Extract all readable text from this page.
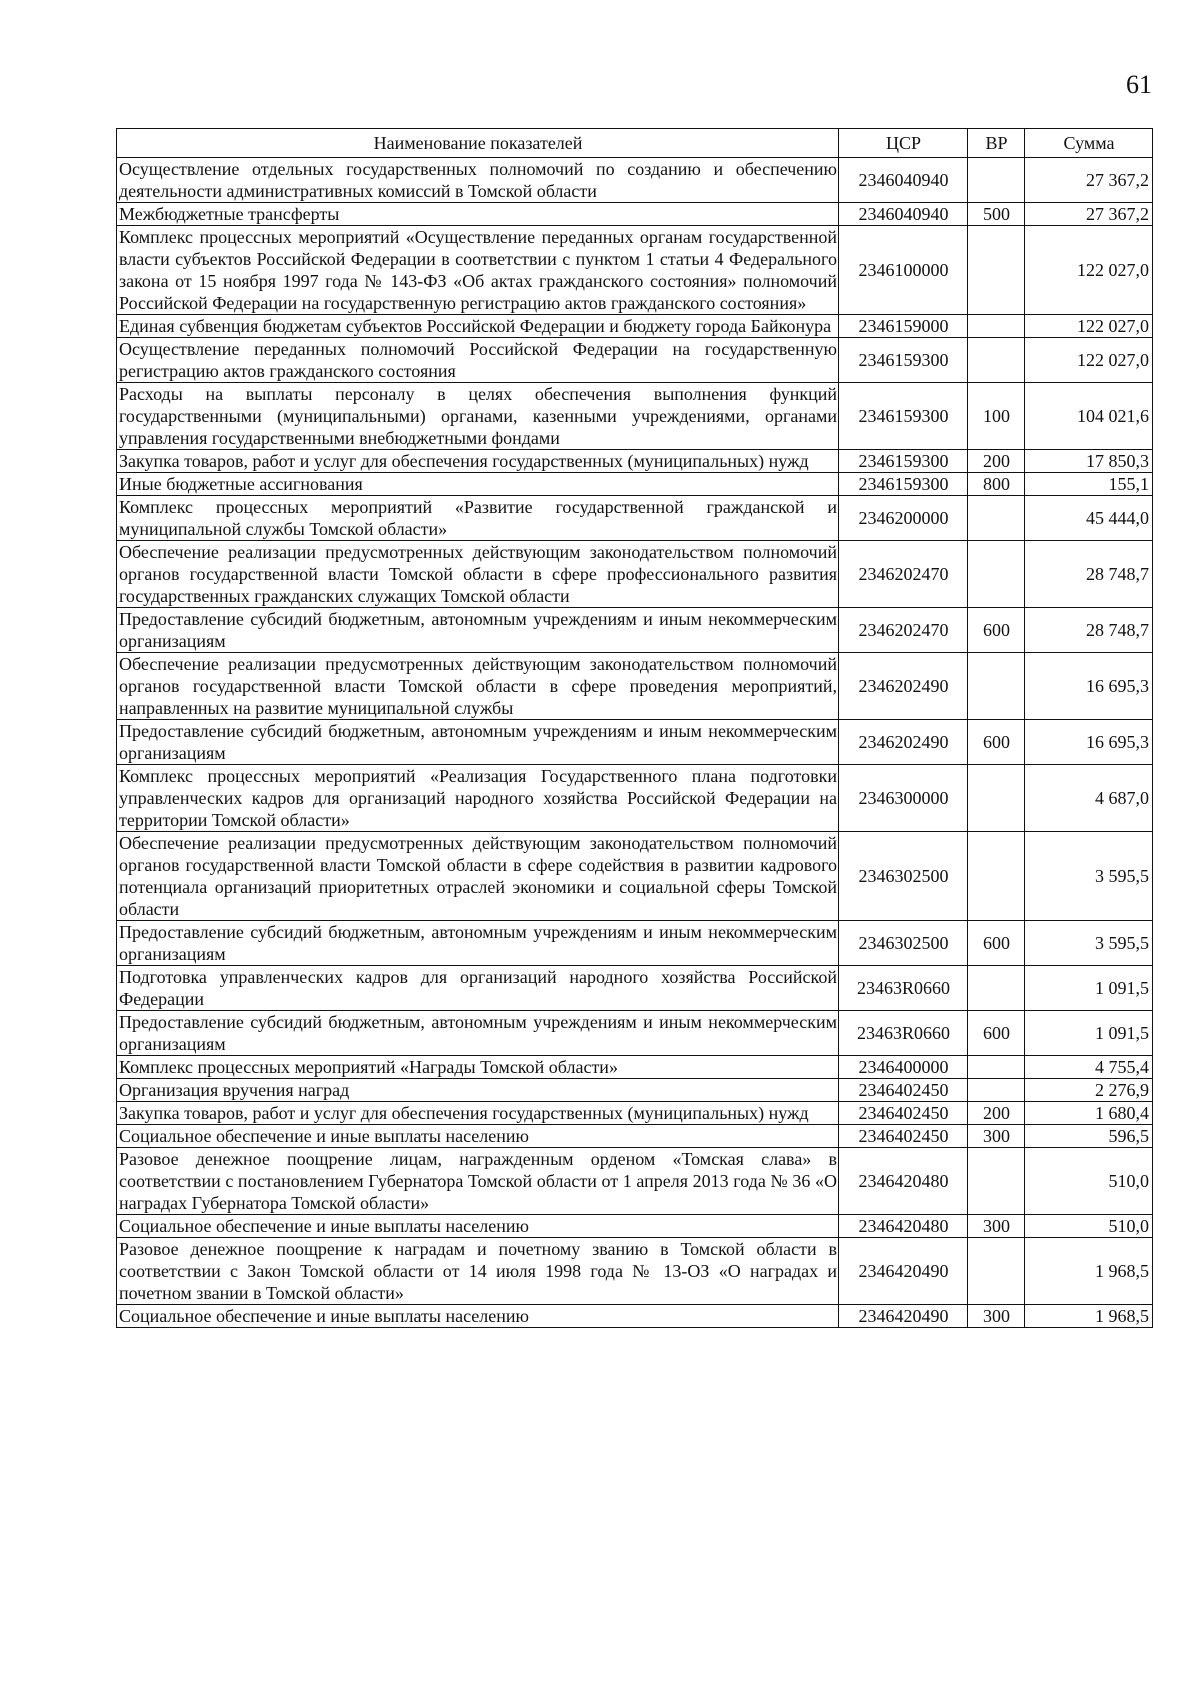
61
Наименование показателей	ЦСР	ВР	Сумма
Осуществление отдельных государственных полномочий по созданию и обеспечению деятельности административных комиссий в Томской области	2346040940		27 367,2
Межбюджетные трансферты	2346040940	500	27 367,2
Комплекс процессных мероприятий «Осуществление переданных органам государственной власти субъектов Российской Федерации в соответствии с пунктом 1 статьи 4 Федерального закона от 15 ноября 1997 года № 143-ФЗ «Об актах гражданского состояния» полномочий Российской Федерации на государственную регистрацию актов гражданского состояния»	2346100000		122 027,0
Единая субвенция бюджетам субъектов Российской Федерации и бюджету города Байконура	2346159000		122 027,0
Осуществление переданных полномочий Российской Федерации на государственную регистрацию актов гражданского состояния	2346159300		122 027,0
Расходы на выплаты персоналу в целях обеспечения выполнения функций государственными (муниципальными) органами, казенными учреждениями, органами управления государственными внебюджетными фондами	2346159300	100	104 021,6
Закупка товаров, работ и услуг для обеспечения государственных (муниципальных) нужд	2346159300	200	17 850,3
Иные бюджетные ассигнования	2346159300	800	155,1
Комплекс процессных мероприятий «Развитие государственной гражданской и муниципальной службы Томской области»	2346200000		45 444,0
Обеспечение реализации предусмотренных действующим законодательством полномочий органов государственной власти Томской области в сфере профессионального развития государственных гражданских служащих Томской области	2346202470		28 748,7
Предоставление субсидий бюджетным, автономным учреждениям и иным некоммерческим организациям	2346202470	600	28 748,7
Обеспечение реализации предусмотренных действующим законодательством полномочий органов государственной власти Томской области в сфере проведения мероприятий, направленных на развитие муниципальной службы	2346202490		16 695,3
Предоставление субсидий бюджетным, автономным учреждениям и иным некоммерческим организациям	2346202490	600	16 695,3
Комплекс процессных мероприятий «Реализация Государственного плана подготовки управленческих кадров для организаций народного хозяйства Российской Федерации на территории Томской области»	2346300000		4 687,0
Обеспечение реализации предусмотренных действующим законодательством полномочий органов государственной власти Томской области в сфере содействия в развитии кадрового потенциала организаций приоритетных отраслей экономики и социальной сферы Томской области	2346302500		3 595,5
Предоставление субсидий бюджетным, автономным учреждениям и иным некоммерческим организациям	2346302500	600	3 595,5
Подготовка управленческих кадров для организаций народного хозяйства Российской Федерации	23463R0660		1 091,5
Предоставление субсидий бюджетным, автономным учреждениям и иным некоммерческим организациям	23463R0660	600	1 091,5
Комплекс процессных мероприятий «Награды Томской области»	2346400000		4 755,4
Организация вручения наград	2346402450		2 276,9
Закупка товаров, работ и услуг для обеспечения государственных (муниципальных) нужд	2346402450	200	1 680,4
Социальное обеспечение и иные выплаты населению	2346402450	300	596,5
Разовое денежное поощрение лицам, награжденным орденом «Томская слава» в соответствии с постановлением Губернатора Томской области от 1 апреля 2013 года № 36 «О наградах Губернатора Томской области»	2346420480		510,0
Социальное обеспечение и иные выплаты населению	2346420480	300	510,0
Разовое денежное поощрение к наградам и почетному званию в Томской области в соответствии с Закон Томской области от 14 июля 1998 года № 13-ОЗ «О наградах и почетном звании в Томской области»	2346420490		1 968,5
Социальное обеспечение и иные выплаты населению	2346420490	300	1 968,5
